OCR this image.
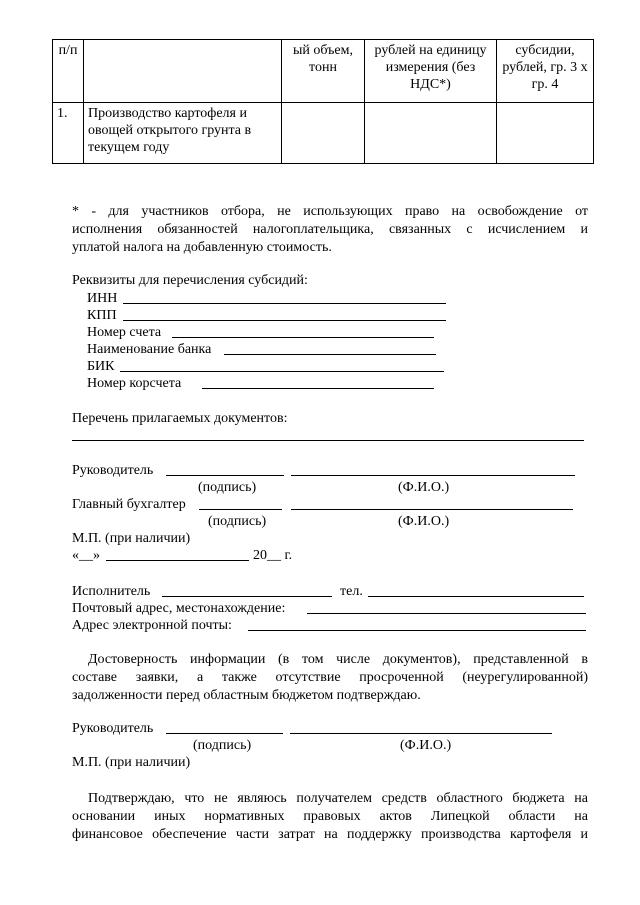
п/п		ый объем, тонн	рублей на единицу измерения (без НДС*)	субсидии, рублей, гр. 3 х гр. 4
1.	Производство картофеля и овощей открытого грунта в текущем году			
* - для участников отбора, не использующих право на освобождение от
исполнения обязанностей налогоплательщика, связанных с исчислением и
уплатой налога на добавленную стоимость.
Реквизиты для перечисления субсидий:
ИНН
КПП
Номер счета
Наименование банка
БИК
Номер корсчета
Перечень прилагаемых документов:
Руководитель
(подпись)	(Ф.И.О.)
Главный бухгалтер
(подпись)	(Ф.И.О.)
М.П. (при наличии)
«__»	20__ г.
Исполнитель	тел.
Почтовый адрес, местонахождение:
Адрес электронной почты:
Достоверность информации (в том числе документов), представленной в
составе заявки, а также отсутствие просроченной (неурегулированной)
задолженности перед областным бюджетом подтверждаю.
Руководитель
(подпись)	(Ф.И.О.)
М.П. (при наличии)
Подтверждаю, что не являюсь получателем средств областного бюджета на
основании иных нормативных правовых актов Липецкой области на
финансовое обеспечение части затрат на поддержку производства картофеля и
